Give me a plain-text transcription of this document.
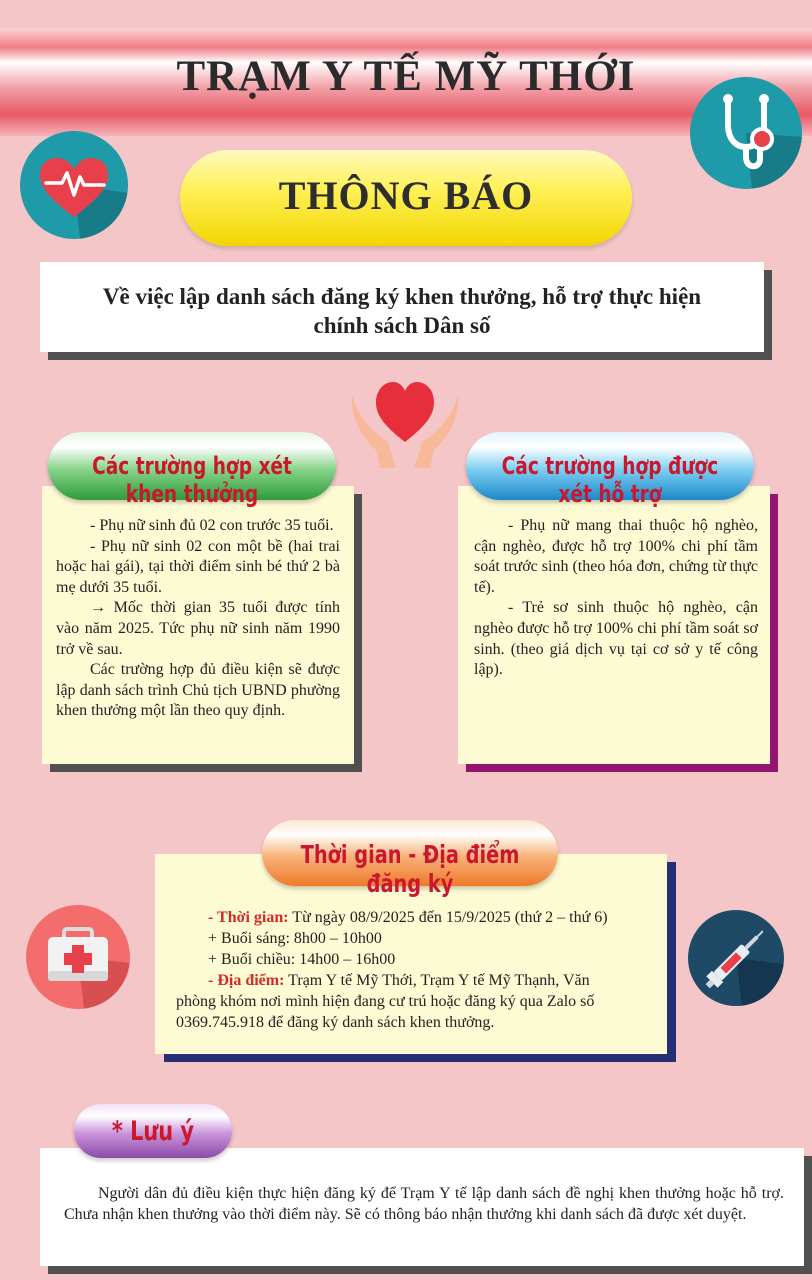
TRẠM Y TẾ MỸ THỚI
THÔNG BÁO
Về việc lập danh sách đăng ký khen thưởng, hỗ trợ thực hiện
chính sách Dân số
Các trường hợp xét khen thưởng

- Phụ nữ sinh đủ 02 con trước 35 tuổi.

- Phụ nữ sinh 02 con một bề (hai trai hoặc hai gái), tại thời điểm sinh bé thứ 2 bà mẹ dưới 35 tuổi.

→ Mốc thời gian 35 tuổi được tính vào năm 2025. Tức phụ nữ sinh năm 1990 trở về sau.

Các trường hợp đủ điều kiện sẽ được lập danh sách trình Chủ tịch UBND phường khen thưởng một lần theo quy định.

Các trường hợp được xét hỗ trợ

- Phụ nữ mang thai thuộc hộ nghèo, cận nghèo, được hỗ trợ 100% chi phí tầm soát trước sinh (theo hóa đơn, chứng từ thực tế).

- Trẻ sơ sinh thuộc hộ nghèo, cận nghèo được hỗ trợ 100% chi phí tầm soát sơ sinh. (theo giá dịch vụ tại cơ sở y tế công lập).

Thời gian - Địa điểm đăng ký
- Thời gian: Từ ngày 08/9/2025 đến 15/9/2025 (thứ 2 – thứ 6)
+ Buổi sáng: 8h00 – 10h00
+ Buổi chiều: 14h00 – 16h00
- Địa điểm: Trạm Y tế Mỹ Thới, Trạm Y tế Mỹ Thạnh, Văn
phòng khóm nơi mình hiện đang cư trú hoặc đăng ký qua Zalo số
0369.745.918 để đăng ký danh sách khen thưởng.
* Lưu ý

Người dân đủ điều kiện thực hiện đăng ký để Trạm Y tế lập danh sách đề nghị khen thưởng hoặc hỗ trợ. Chưa nhận khen thưởng vào thời điểm này. Sẽ có thông báo nhận thưởng khi danh sách đã được xét duyệt.
